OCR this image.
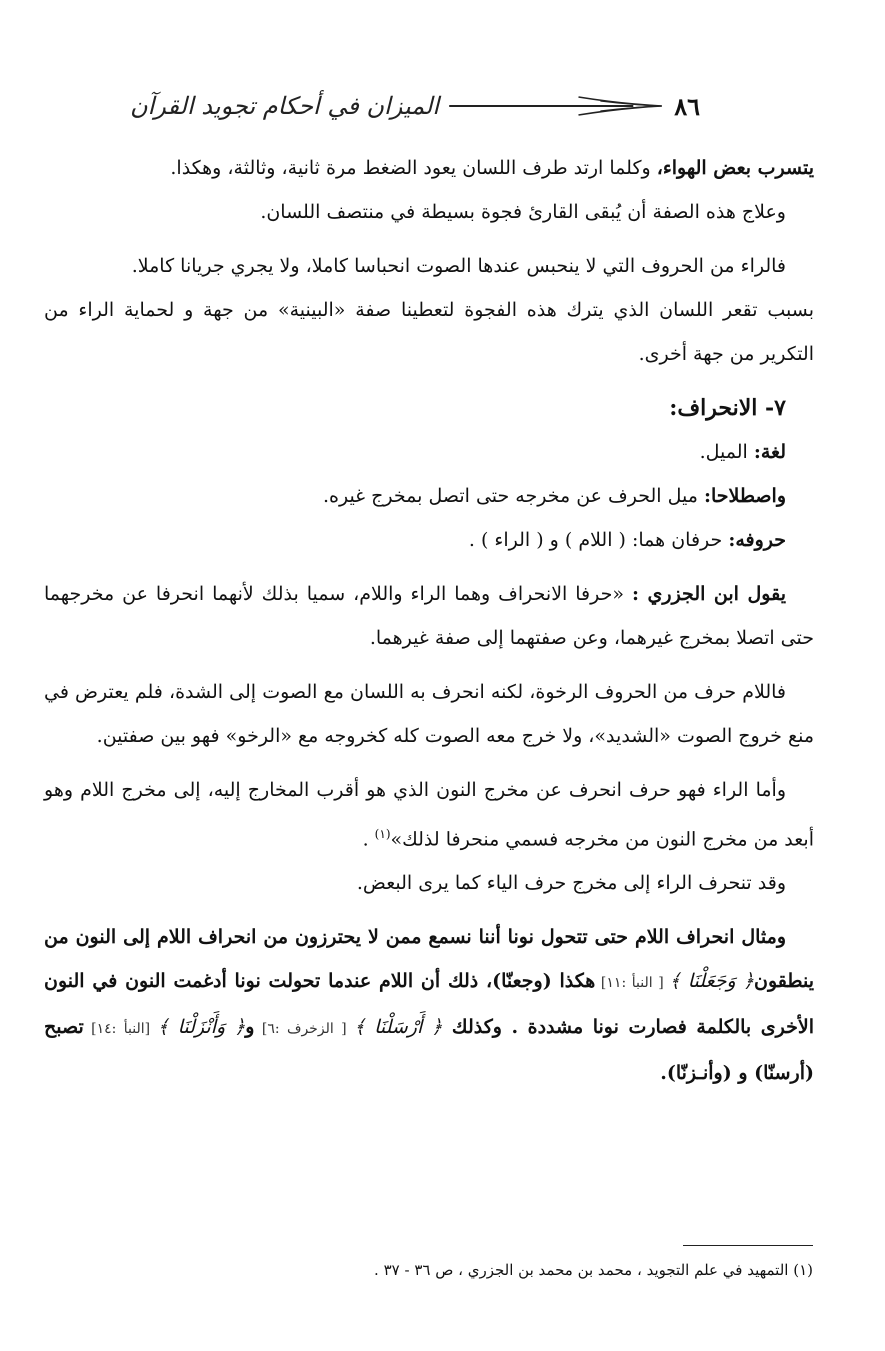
الميزان في أحكام تجويد القرآن	٨٦

يتسرب بعض الهواء، وكلما ارتد طرف اللسان يعود الضغط مرة ثانية، وثالثة، وهكذا.

وعلاج هذه الصفة أن يُبقى القارئ فجوة بسيطة في منتصف اللسان.

فالراء من الحروف التي لا ينحبس عندها الصوت انحباسا كاملا، ولا يجري جريانا كاملا.

بسبب تقعر اللسان الذي يترك هذه الفجوة لتعطينا صفة «البينية» من جهة و لحماية الراء من التكرير من جهة أخرى.

٧- الانحراف:

لغة: الميل.

واصطلاحا: ميل الحرف عن مخرجه حتى اتصل بمخرج غيره.

حروفه: حرفان هما: ( اللام ) و ( الراء ) .

يقول ابن الجزري : «حرفا الانحراف وهما الراء واللام، سميا بذلك لأنهما انحرفا عن مخرجهما حتى اتصلا بمخرج غيرهما، وعن صفتهما إلى صفة غيرهما.

فاللام حرف من الحروف الرخوة، لكنه انحرف به اللسان مع الصوت إلى الشدة، فلم يعترض في منع خروج الصوت «الشديد»، ولا خرج معه الصوت كله كخروجه مع «الرخو» فهو بين صفتين.

وأما الراء فهو حرف انحرف عن مخرج النون الذي هو أقرب المخارج إليه، إلى مخرج اللام وهو أبعد من مخرج النون من مخرجه فسمي منحرفا لذلك»$^{(١)}$ .

وقد تنحرف الراء إلى مخرج حرف الياء كما يرى البعض.

ومثال انحراف اللام حتى تتحول نونا أننا نسمع ممن لا يحترزون من انحراف اللام إلى النون من ينطقون﴿ وَجَعَلْنَا ﴾ [ النبأ :١١] هكذا (وجعنّا)، ذلك أن اللام عندما تحولت نونا أدغمت النون في النون الأخرى بالكلمة فصارت نونا مشددة . وكذلك ﴿ أَرْسَلْنَا ﴾ [ الزخرف :٦] و﴿ وَأَنْزَلْنَا ﴾ [النبأ :١٤] تصبح (أرسنّا) و (وأنـزنّا).

(١) التمهيد في علم التجويد ، محمد بن محمد بن الجزري ، ص ٣٦ - ٣٧ .
